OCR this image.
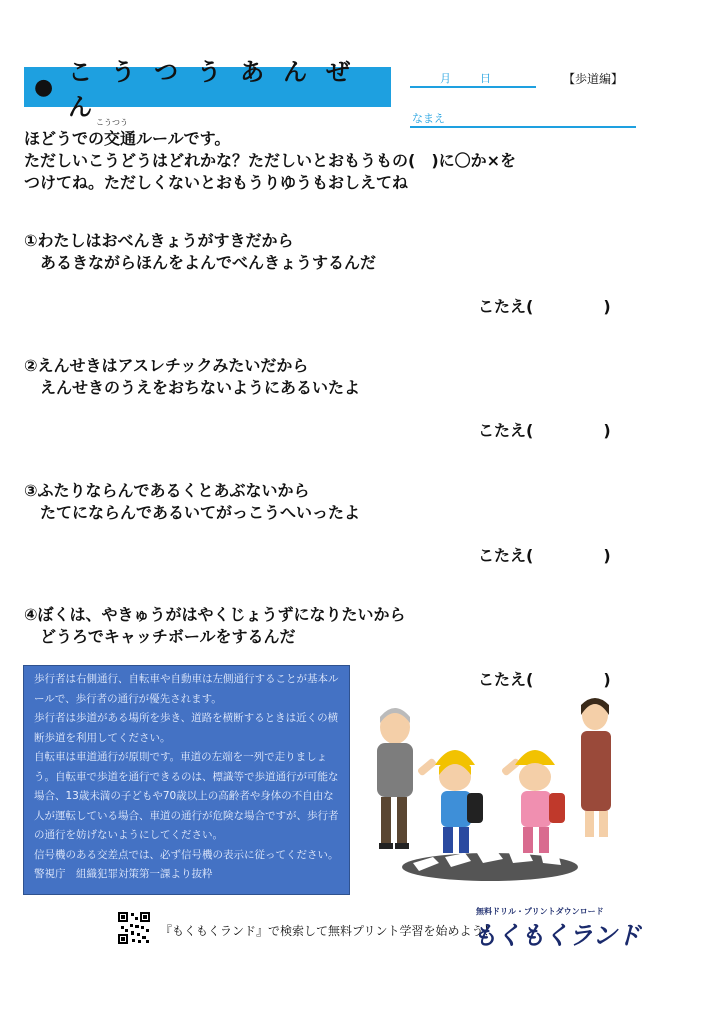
●
こうつうあんぜん
月	日	【歩道編】
なまえ
こうつう
ほどうでの交通ルールです。
ただしいこうどうはどれかな？ただしいとおもうもの(　)に〇か×を
つけてね。ただしくないとおもうりゆうもおしえてね
①わたしはおべんきょうがすきだから
　あるきながらほんをよんでべんきょうするんだ
こたえ(	)
②えんせきはアスレチックみたいだから
　えんせきのうえをおちないようにあるいたよ
こたえ(	)
③ふたりならんであるくとあぶないから
　たてにならんであるいてがっこうへいったよ
こたえ(	)
④ぼくは、やきゅうがはやくじょうずになりたいから
　どうろでキャッチボールをするんだ
こたえ(	)

歩行者は右側通行、自転車や自動車は左側通行することが基本ルールで、歩行者の通行が優先されます。

歩行者は歩道がある場所を歩き、道路を横断するときは近くの横断歩道を利用してください。

自転車は車道通行が原則です。車道の左端を一列で走りましょう。自転車で歩道を通行できるのは、標識等で歩道通行が可能な場合、13歳未満の子どもや70歳以上の高齢者や身体の不自由な人が運転している場合、車道の通行が危険な場合ですが、歩行者の通行を妨げないようにしてください。

信号機のある交差点では、必ず信号機の表示に従ってください。　警視庁　組織犯罪対策第一課より抜粋

『もくもくランド』で検索して無料プリント学習を始めよう！
無料ドリル・プリントダウンロード
もくもくランド
